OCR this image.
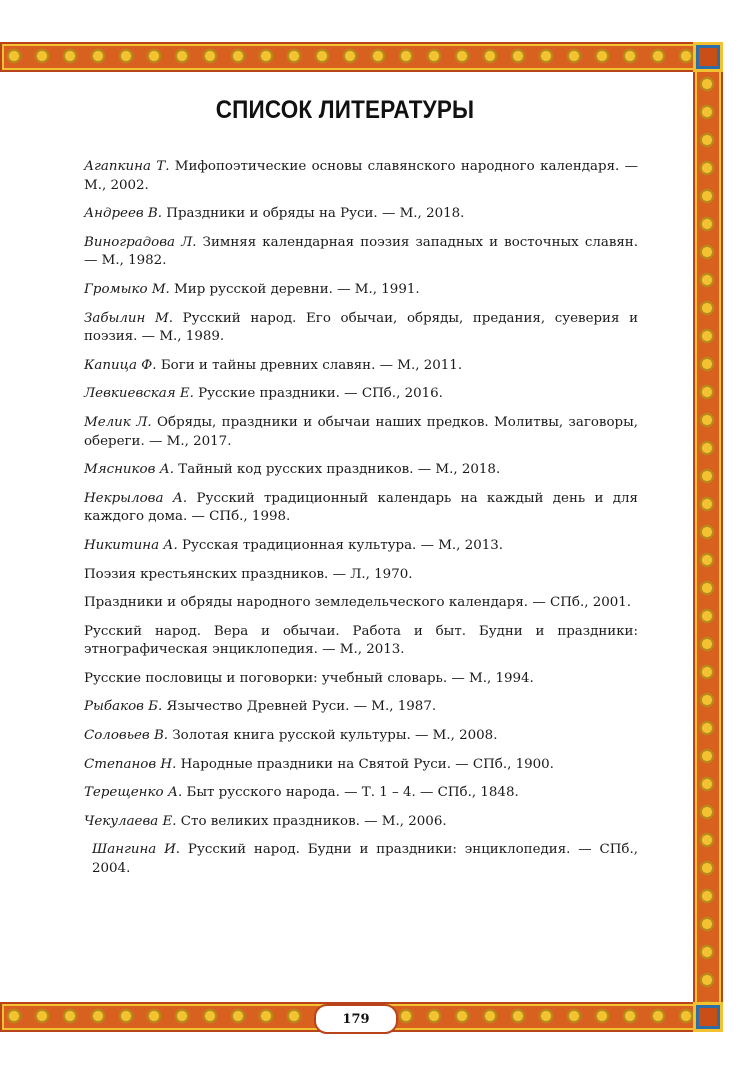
СПИСОК ЛИТЕРАТУРЫ

Агапкина Т. Мифопоэтические основы славянского народного календаря. — М., 2002.

Андреев В. Праздники и обряды на Руси. — М., 2018.

Виноградова Л. Зимняя календарная поэзия западных и восточных славян. — М., 1982.

Громыко М. Мир русской деревни. — М., 1991.

Забылин М. Русский народ. Его обычаи, обряды, предания, суеверия и поэзия. — М., 1989.

Капица Ф. Боги и тайны древних славян. — М., 2011.

Левкиевская Е. Русские праздники. — СПб., 2016.

Мелик Л. Обряды, праздники и обычаи наших предков. Молитвы, заговоры, обереги. — М., 2017.

Мясников А. Тайный код русских праздников. — М., 2018.

Некрылова А. Русский традиционный календарь на каждый день и для каждого дома. — СПб., 1998.

Никитина А. Русская традиционная культура. — М., 2013.

Поэзия крестьянских праздников. — Л., 1970.

Праздники и обряды народного земледельческого календаря. — СПб., 2001.

Русский народ. Вера и обычаи. Работа и быт. Будни и праздники: этнографическая энциклопедия. — М., 2013.

Русские пословицы и поговорки: учебный словарь. — М., 1994.

Рыбаков Б. Язычество Древней Руси. — М., 1987.

Соловьев В. Золотая книга русской культуры. — М., 2008.

Степанов Н. Народные праздники на Святой Руси. — СПб., 1900.

Терещенко А. Быт русского народа. — Т. 1 – 4. — СПб., 1848.

Чекулаева Е. Сто великих праздников. — М., 2006.

Шангина И. Русский народ. Будни и праздники: энциклопедия. — СПб., 2004.

179
